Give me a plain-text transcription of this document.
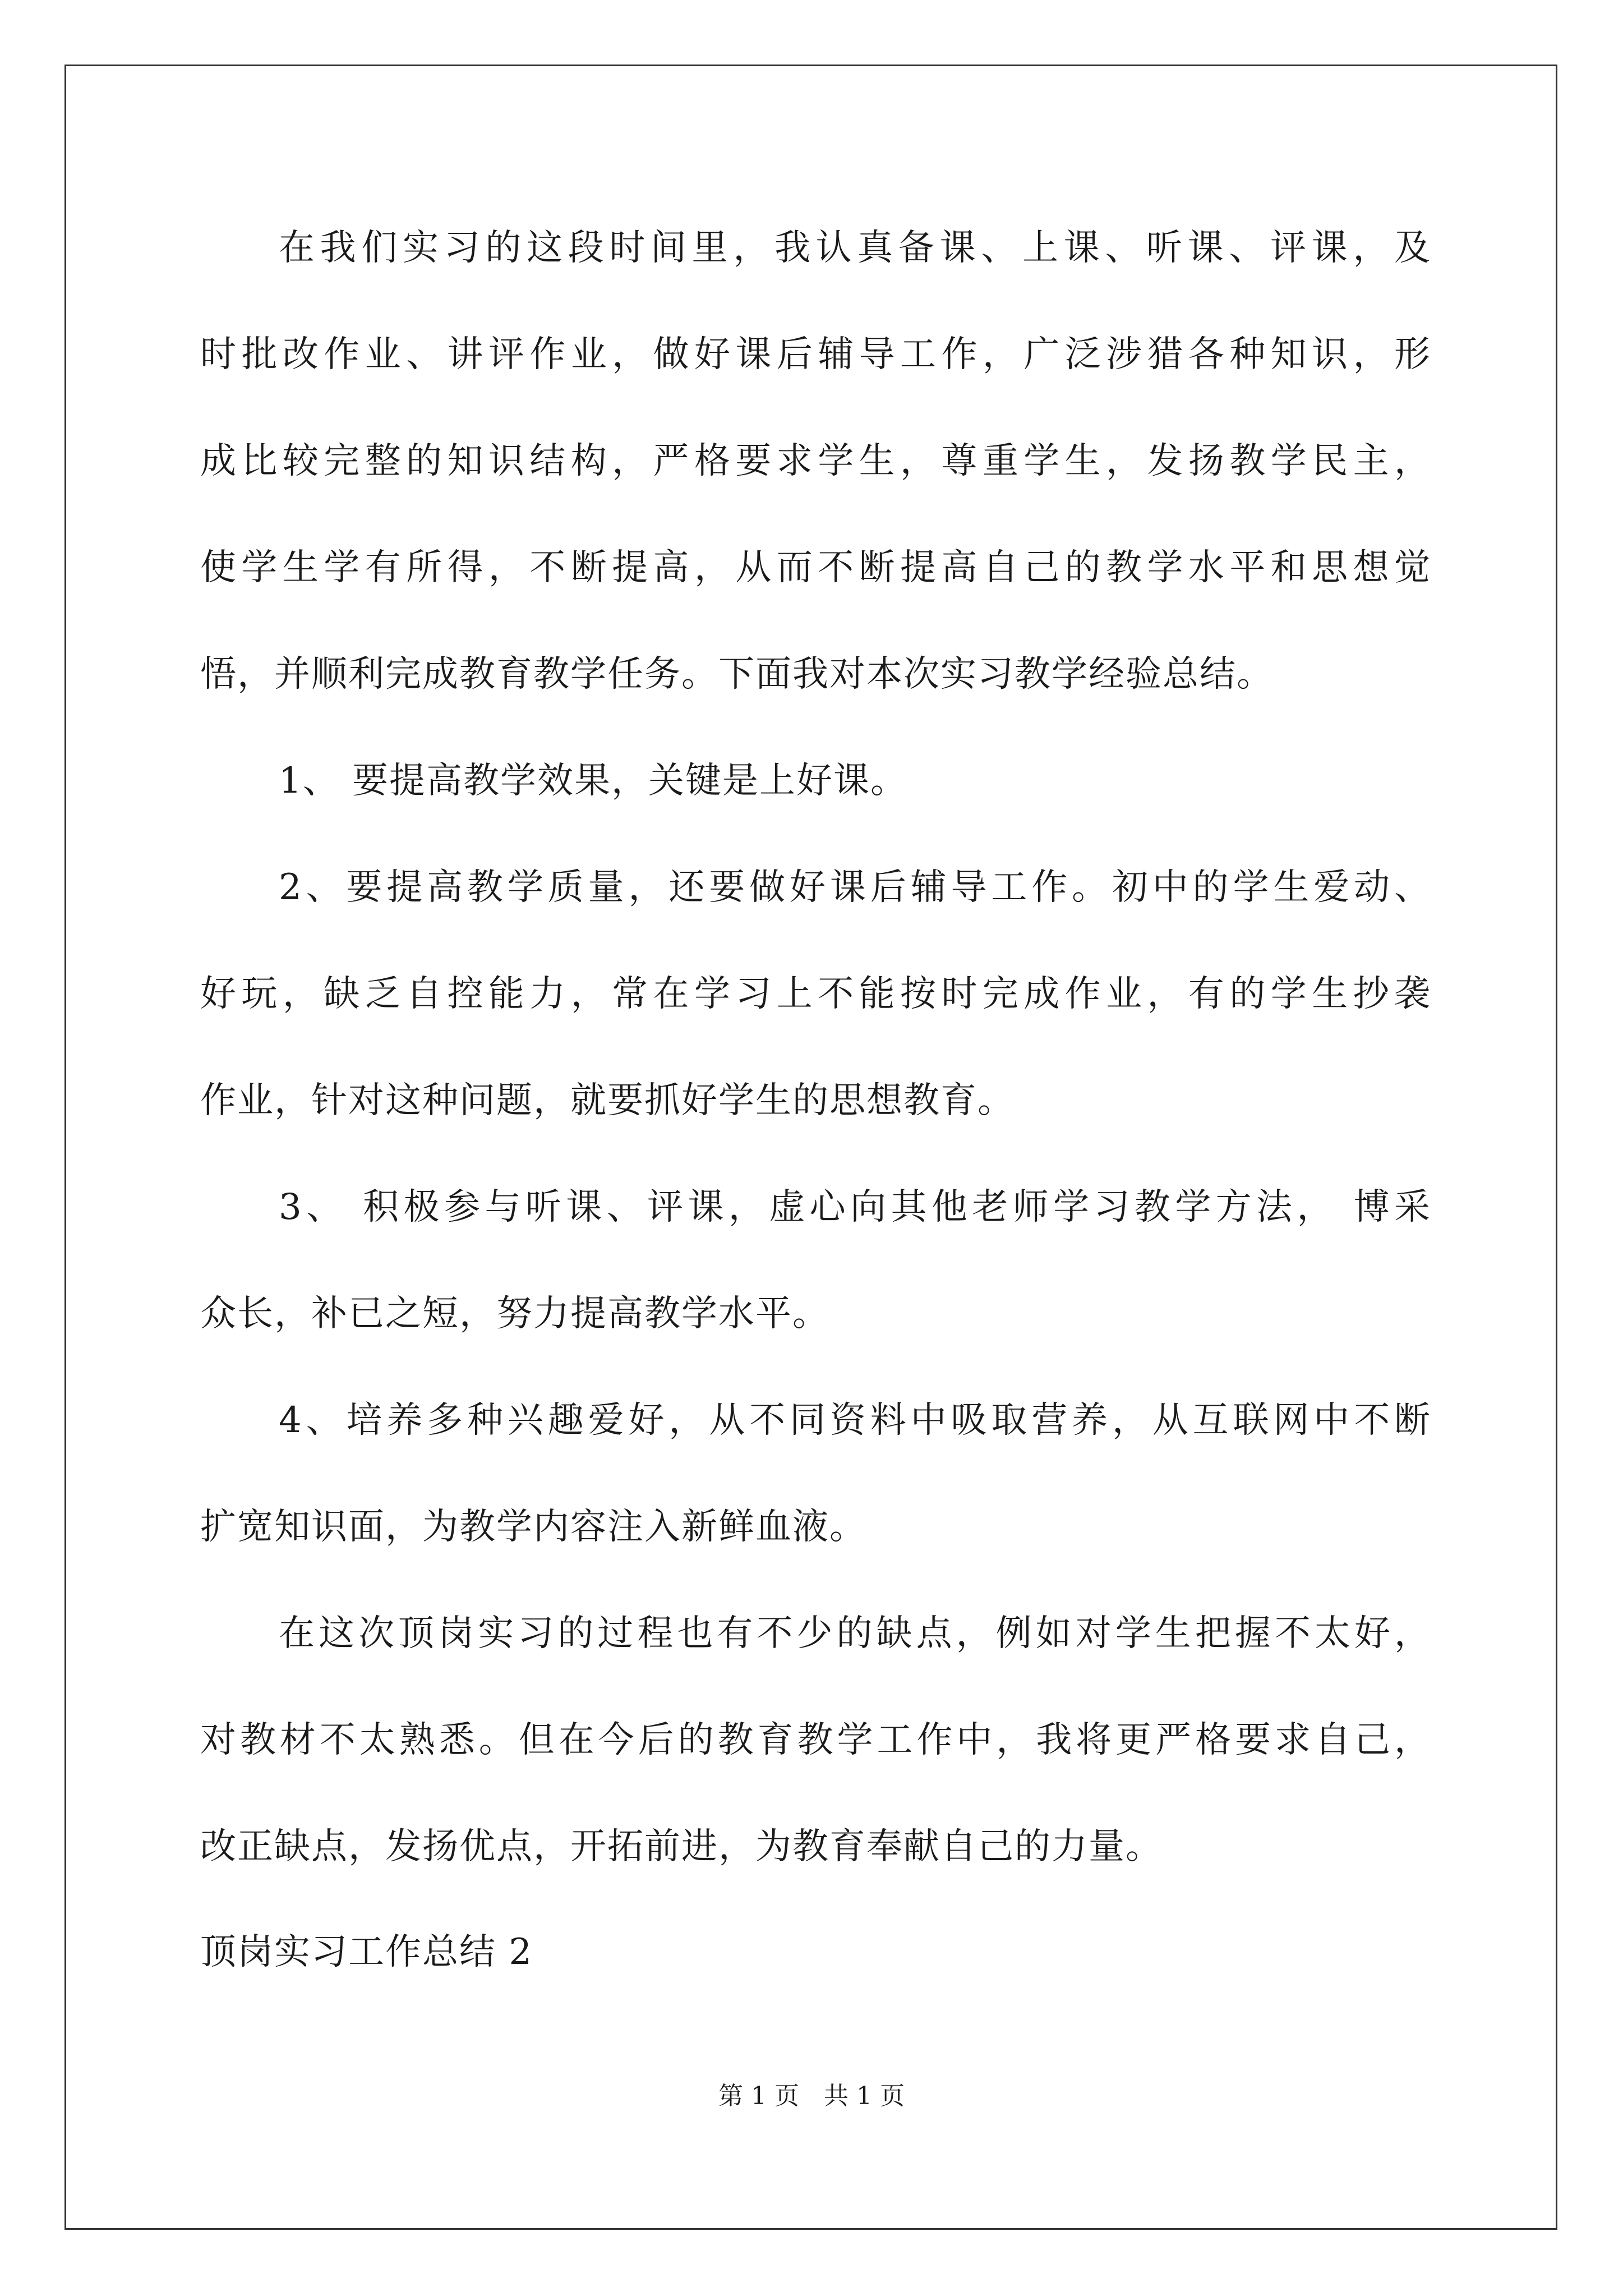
在我们实习的这段时间里，我认真备课、上课、听课、评课，及
时批改作业、讲评作业，做好课后辅导工作，广泛涉猎各种知识，形
成比较完整的知识结构，严格要求学生，尊重学生，发扬教学民主，
使学生学有所得，不断提高，从而不断提高自己的教学水平和思想觉
悟，并顺利完成教育教学任务。下面我对本次实习教学经验总结。
1、 要提高教学效果，关键是上好课。
2、要提高教学质量，还要做好课后辅导工作。初中的学生爱动、
好玩，缺乏自控能力，常在学习上不能按时完成作业，有的学生抄袭
作业，针对这种问题，就要抓好学生的思想教育。
3、 积极参与听课、评课，虚心向其他老师学习教学方法， 博采
众长，补已之短，努力提高教学水平。
4、培养多种兴趣爱好，从不同资料中吸取营养，从互联网中不断
扩宽知识面，为教学内容注入新鲜血液。
在这次顶岗实习的过程也有不少的缺点，例如对学生把握不太好，
对教材不太熟悉。但在今后的教育教学工作中，我将更严格要求自己，
改正缺点，发扬优点，开拓前进，为教育奉献自己的力量。
顶岗实习工作总结 2
第 1 页　共 1 页
